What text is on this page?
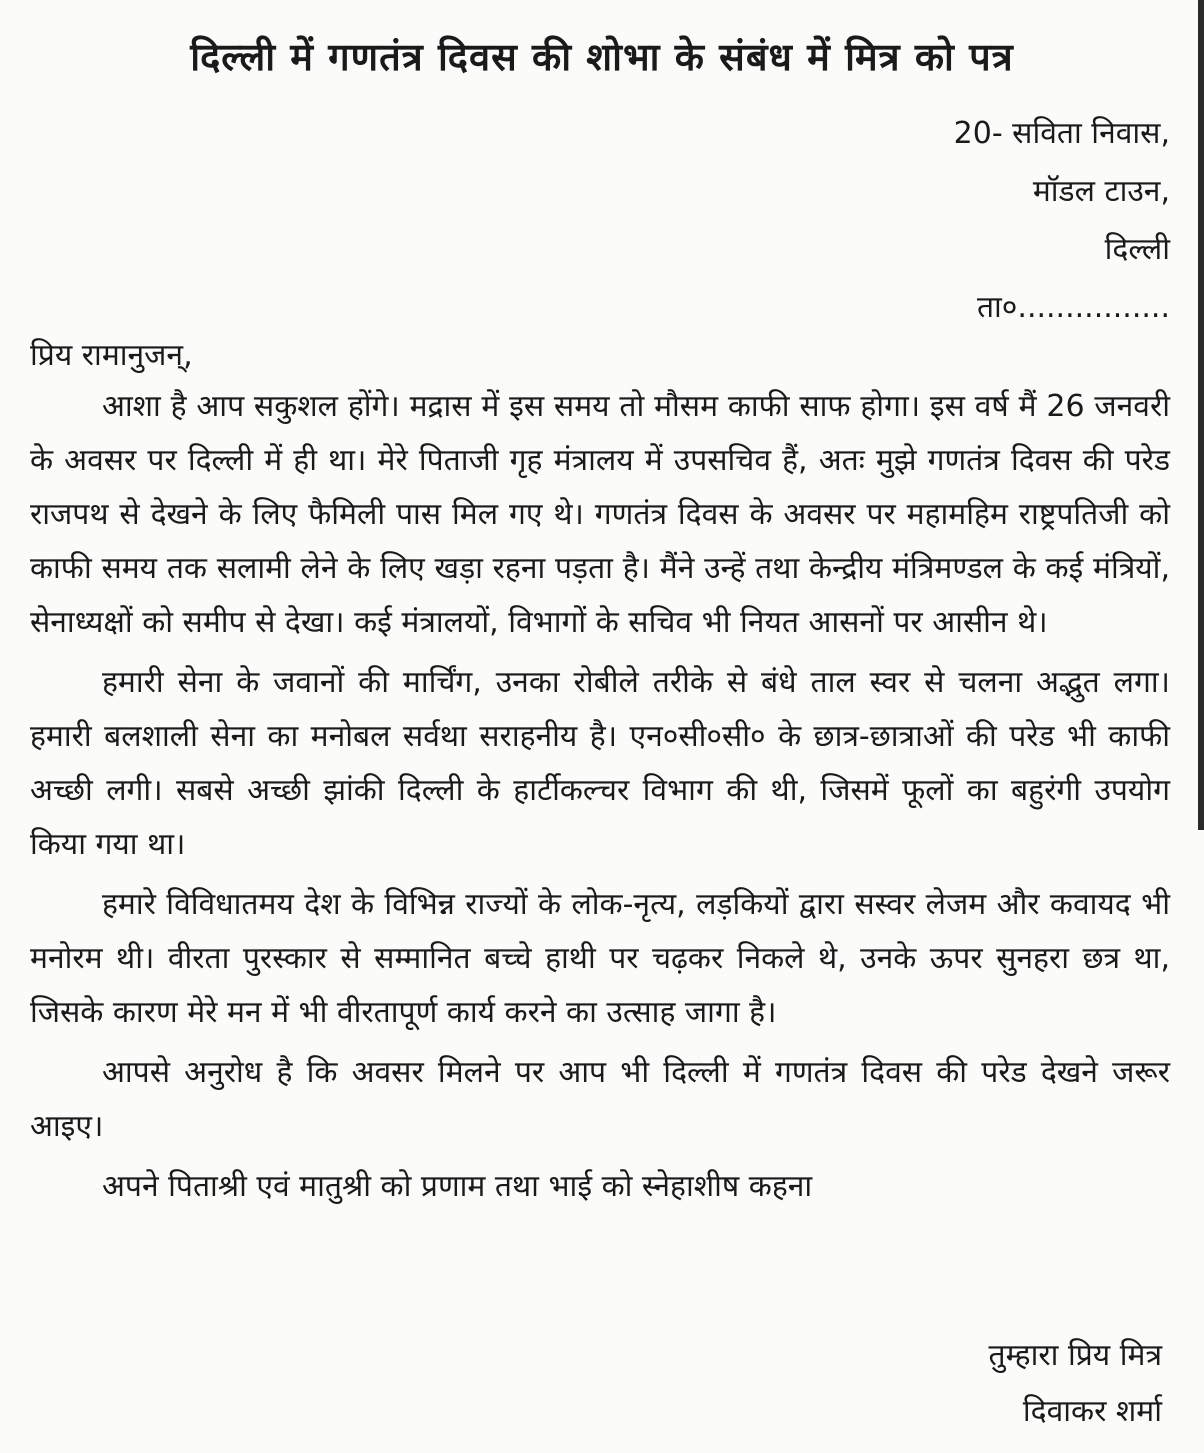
दिल्ली में गणतंत्र दिवस की शोभा के संबंध में मित्र को पत्र
20- सविता निवास,
मॉडल टाउन,
दिल्ली
ता०................
प्रिय रामानुजन्,

आशा है आप सकुशल होंगे। मद्रास में इस समय तो मौसम काफी साफ होगा। इस वर्ष मैं 26 जनवरी के अवसर पर दिल्ली में ही था। मेरे पिताजी गृह मंत्रालय में उपसचिव हैं, अतः मुझे गणतंत्र दिवस की परेड राजपथ से देखने के लिए फैमिली पास मिल गए थे। गणतंत्र दिवस के अवसर पर महामहिम राष्ट्रपतिजी को काफी समय तक सलामी लेने के लिए खड़ा रहना पड़ता है। मैंने उन्हें तथा केन्द्रीय मंत्रिमण्डल के कई मंत्रियों, सेनाध्यक्षों को समीप से देखा। कई मंत्रालयों, विभागों के सचिव भी नियत आसनों पर आसीन थे।

हमारी सेना के जवानों की मार्चिंग, उनका रोबीले तरीके से बंधे ताल स्वर से चलना अद्भुत लगा। हमारी बलशाली सेना का मनोबल सर्वथा सराहनीय है। एन०सी०सी० के छात्र-छात्राओं की परेड भी काफी अच्छी लगी। सबसे अच्छी झांकी दिल्ली के हार्टीकल्चर विभाग की थी, जिसमें फूलों का बहुरंगी उपयोग किया गया था।

हमारे विविधातमय देश के विभिन्न राज्यों के लोक-नृत्य, लड़कियों द्वारा सस्वर लेजम और कवायद भी मनोरम थी। वीरता पुरस्कार से सम्मानित बच्चे हाथी पर चढ़कर निकले थे, उनके ऊपर सुनहरा छत्र था, जिसके कारण मेरे मन में भी वीरतापूर्ण कार्य करने का उत्साह जागा है।

आपसे अनुरोध है कि अवसर मिलने पर आप भी दिल्ली में गणतंत्र दिवस की परेड देखने जरूर आइए।

अपने पिताश्री एवं मातुश्री को प्रणाम तथा भाई को स्नेहाशीष कहना

तुम्हारा प्रिय मित्र
दिवाकर शर्मा
